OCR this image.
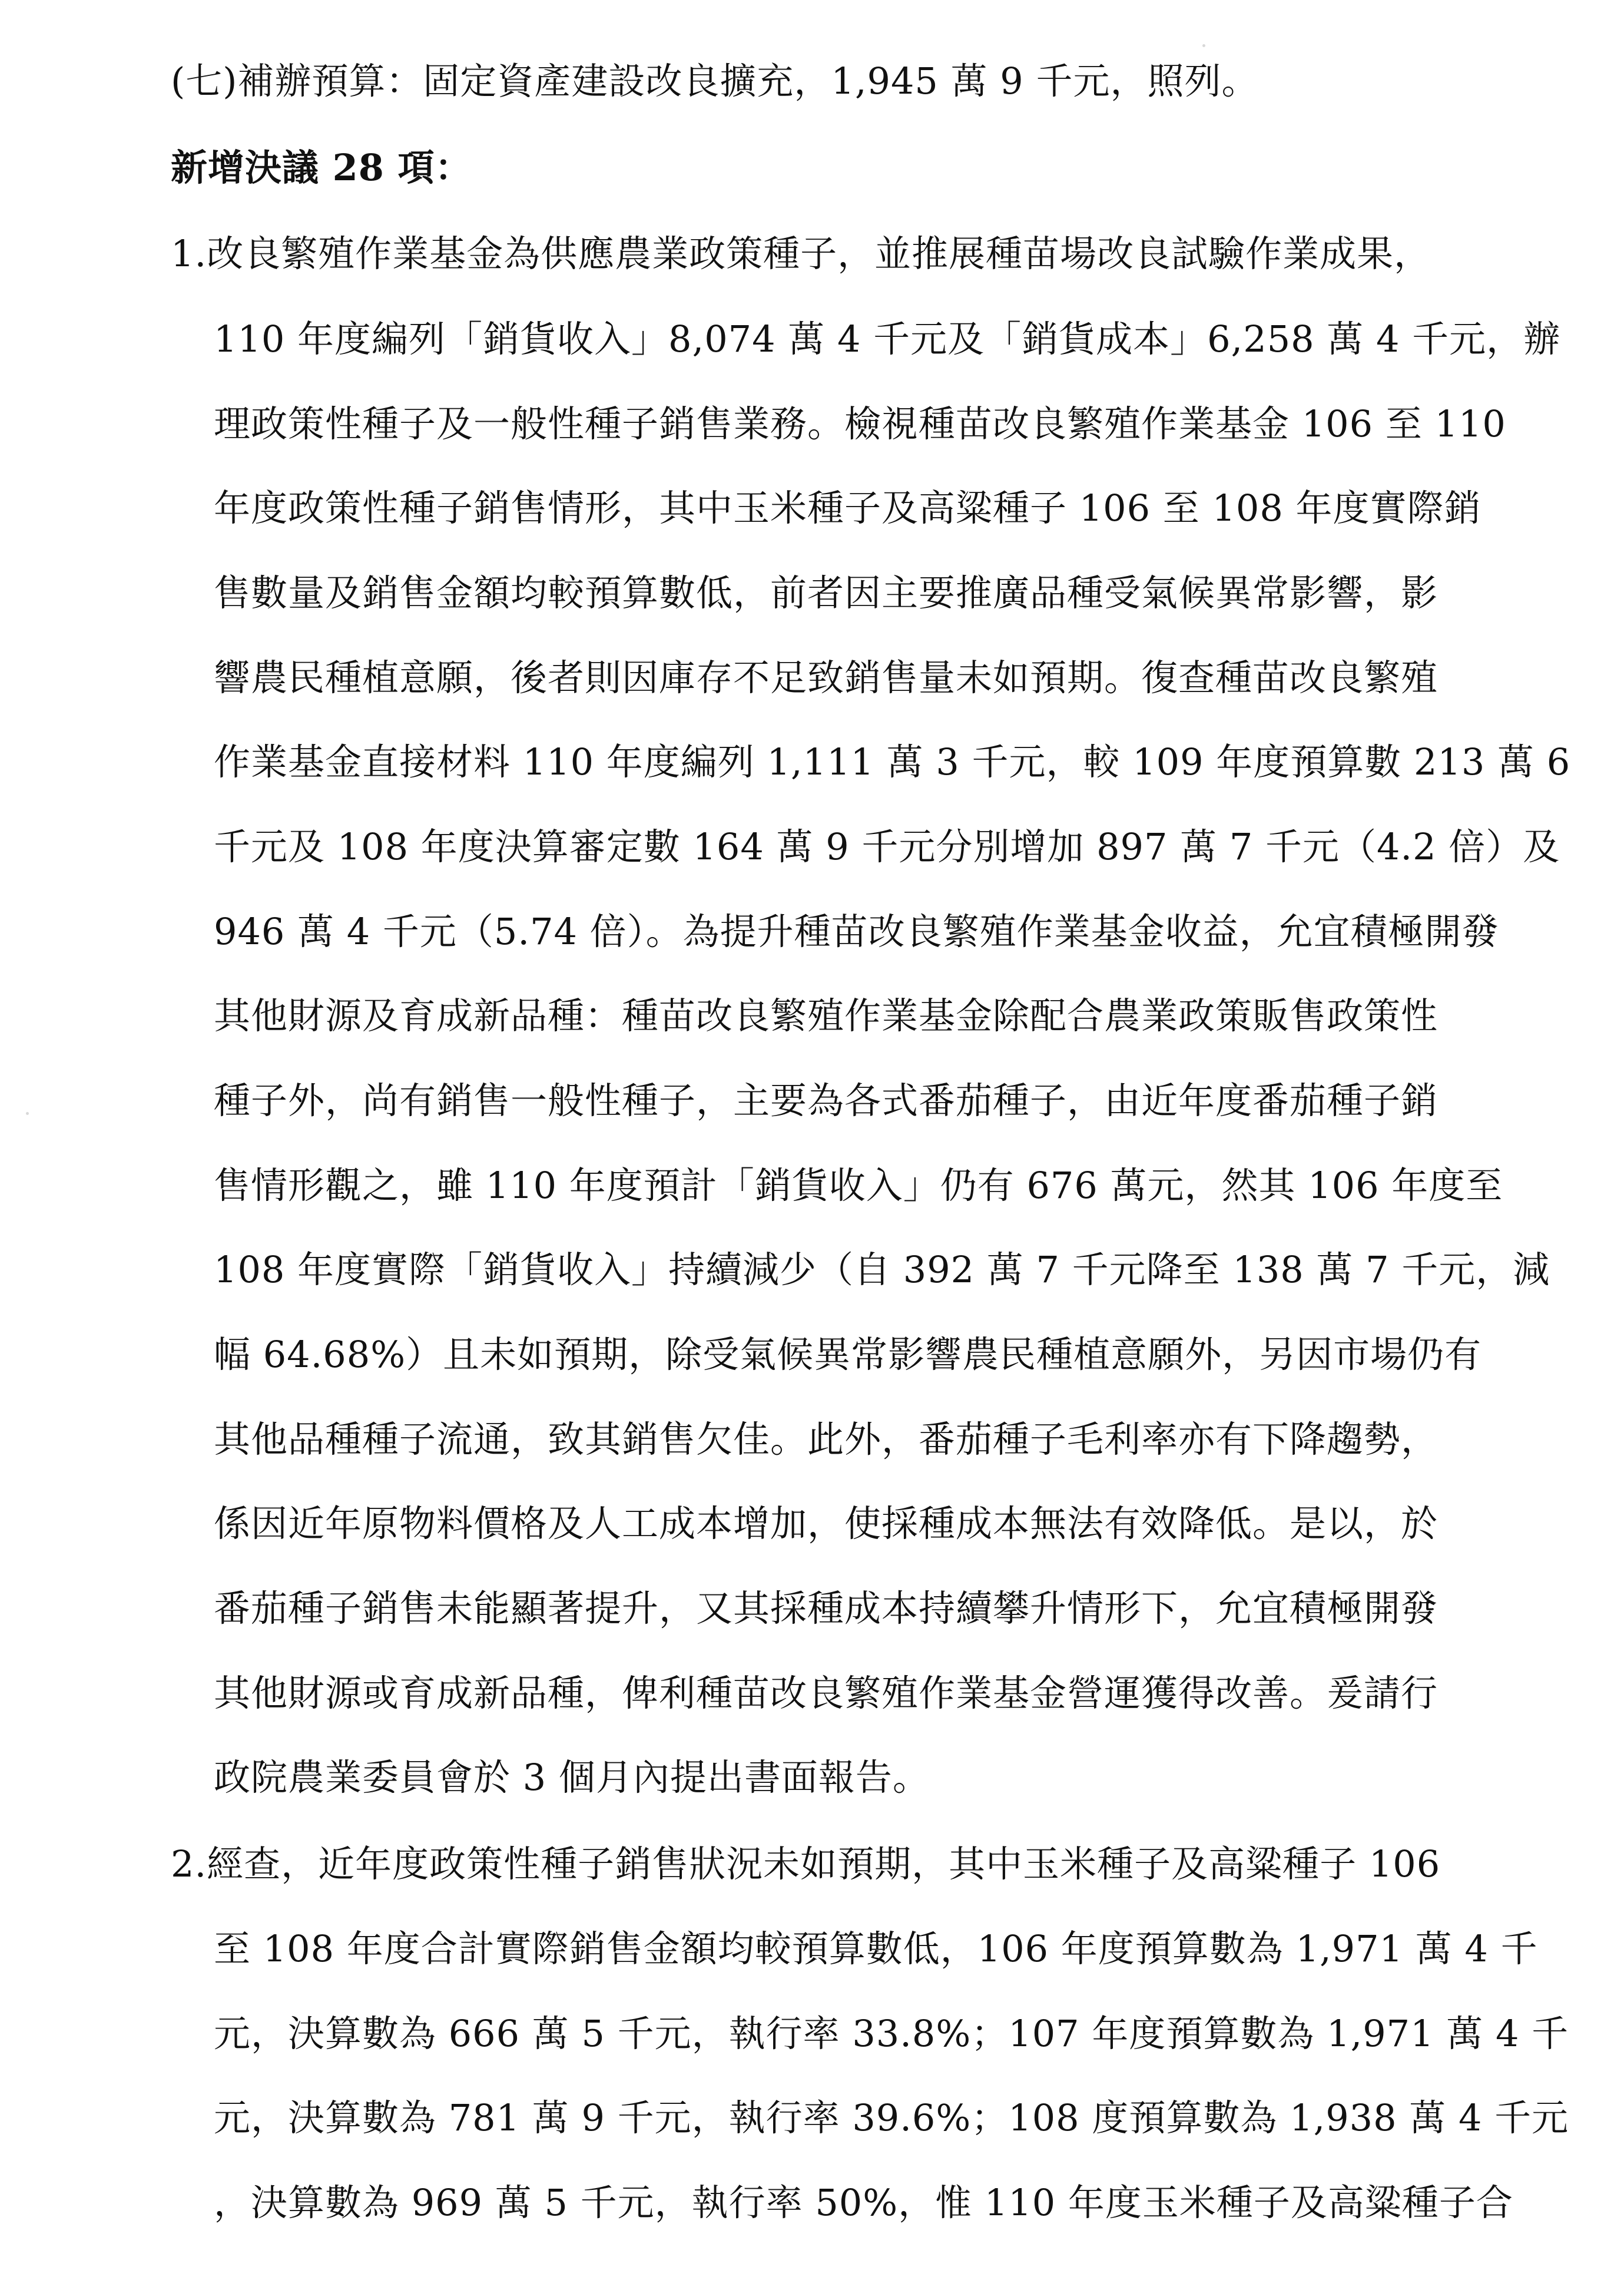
(七)補辦預算：固定資產建設改良擴充，1,945 萬 9 千元，照列。
新增決議 28 項：
1.改良繁殖作業基金為供應農業政策種子，並推展種苗場改良試驗作業成果，
110 年度編列「銷貨收入」8,074 萬 4 千元及「銷貨成本」6,258 萬 4 千元，辦
理政策性種子及一般性種子銷售業務。檢視種苗改良繁殖作業基金 106 至 110
年度政策性種子銷售情形，其中玉米種子及高粱種子 106 至 108 年度實際銷
售數量及銷售金額均較預算數低，前者因主要推廣品種受氣候異常影響，影
響農民種植意願，後者則因庫存不足致銷售量未如預期。復查種苗改良繁殖
作業基金直接材料 110 年度編列 1,111 萬 3 千元，較 109 年度預算數 213 萬 6
千元及 108 年度決算審定數 164 萬 9 千元分別增加 897 萬 7 千元（4.2 倍）及
946 萬 4 千元（5.74 倍）。為提升種苗改良繁殖作業基金收益，允宜積極開發
其他財源及育成新品種：種苗改良繁殖作業基金除配合農業政策販售政策性
種子外，尚有銷售一般性種子，主要為各式番茄種子，由近年度番茄種子銷
售情形觀之，雖 110 年度預計「銷貨收入」仍有 676 萬元，然其 106 年度至
108 年度實際「銷貨收入」持續減少（自 392 萬 7 千元降至 138 萬 7 千元，減
幅 64.68%）且未如預期，除受氣候異常影響農民種植意願外，另因市場仍有
其他品種種子流通，致其銷售欠佳。此外，番茄種子毛利率亦有下降趨勢，
係因近年原物料價格及人工成本增加，使採種成本無法有效降低。是以，於
番茄種子銷售未能顯著提升，又其採種成本持續攀升情形下，允宜積極開發
其他財源或育成新品種，俾利種苗改良繁殖作業基金營運獲得改善。爰請行
政院農業委員會於 3 個月內提出書面報告。
2.經查，近年度政策性種子銷售狀況未如預期，其中玉米種子及高粱種子 106
至 108 年度合計實際銷售金額均較預算數低，106 年度預算數為 1,971 萬 4 千
元，決算數為 666 萬 5 千元，執行率 33.8%；107 年度預算數為 1,971 萬 4 千
元，決算數為 781 萬 9 千元，執行率 39.6%；108 度預算數為 1,938 萬 4 千元
，決算數為 969 萬 5 千元，執行率 50%，惟 110 年度玉米種子及高粱種子合
